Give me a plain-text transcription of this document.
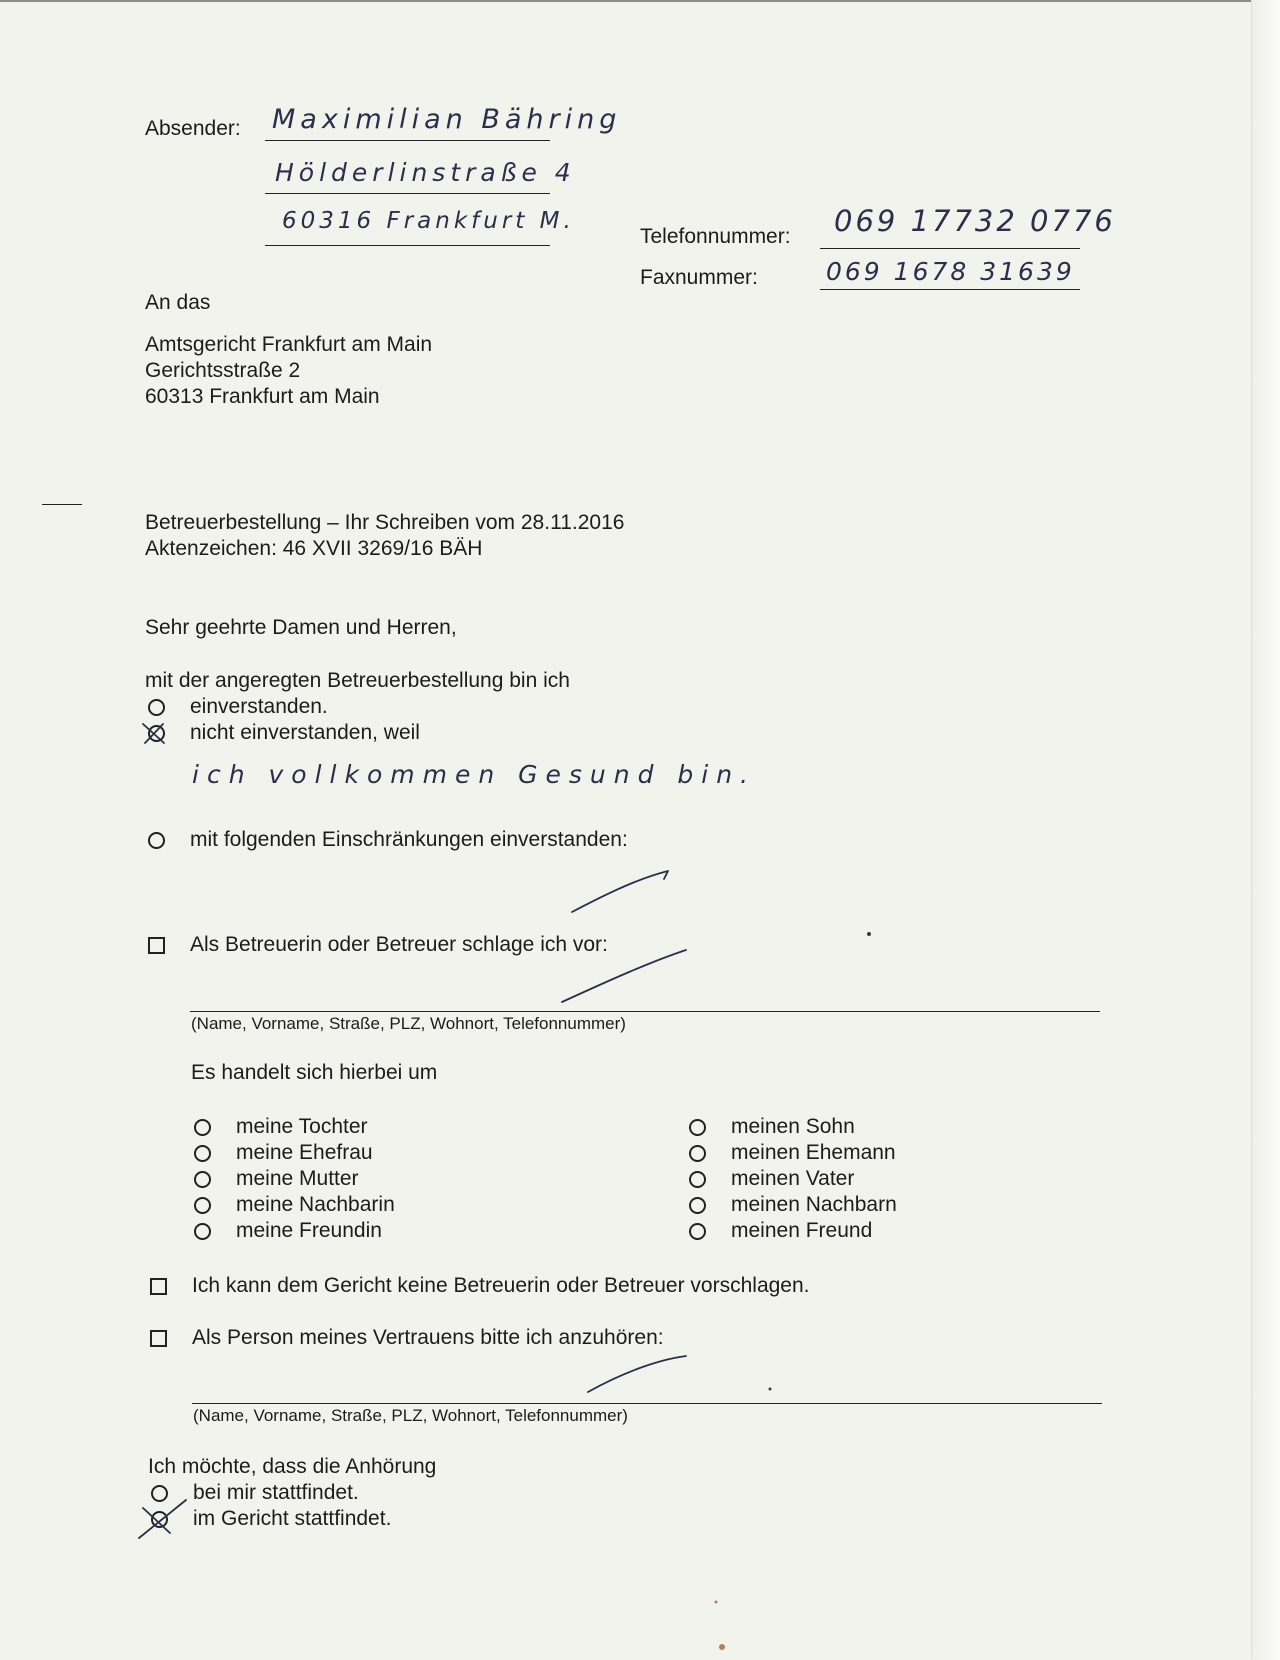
Absender: Maximilian Bähring
Hölderlinstraße 4
60316 Frankfurt M.
Telefonnummer: 069 17732 0776
Faxnummer:	069 1678 31639
An das
Amtsgericht Frankfurt am Main
Gerichtsstraße 2
60313 Frankfurt am Main
Betreuerbestellung – Ihr Schreiben vom 28.11.2016
Aktenzeichen: 46 XVII 3269/16 BÄH
Sehr geehrte Damen und Herren,
mit der angeregten Betreuerbestellung bin ich
einverstanden.
nicht einverstanden, weil
ich vollkommen Gesund bin.
mit folgenden Einschränkungen einverstanden:
Als Betreuerin oder Betreuer schlage ich vor:
(Name, Vorname, Straße, PLZ, Wohnort, Telefonnummer)
Es handelt sich hierbei um
meine Tochter
meine Ehefrau
meine Mutter
meine Nachbarin
meine Freundin
meinen Sohn
meinen Ehemann
meinen Vater
meinen Nachbarn
meinen Freund
Ich kann dem Gericht keine Betreuerin oder Betreuer vorschlagen.
Als Person meines Vertrauens bitte ich anzuhören:
(Name, Vorname, Straße, PLZ, Wohnort, Telefonnummer)
Ich möchte, dass die Anhörung
bei mir stattfindet.
im Gericht stattfindet.
